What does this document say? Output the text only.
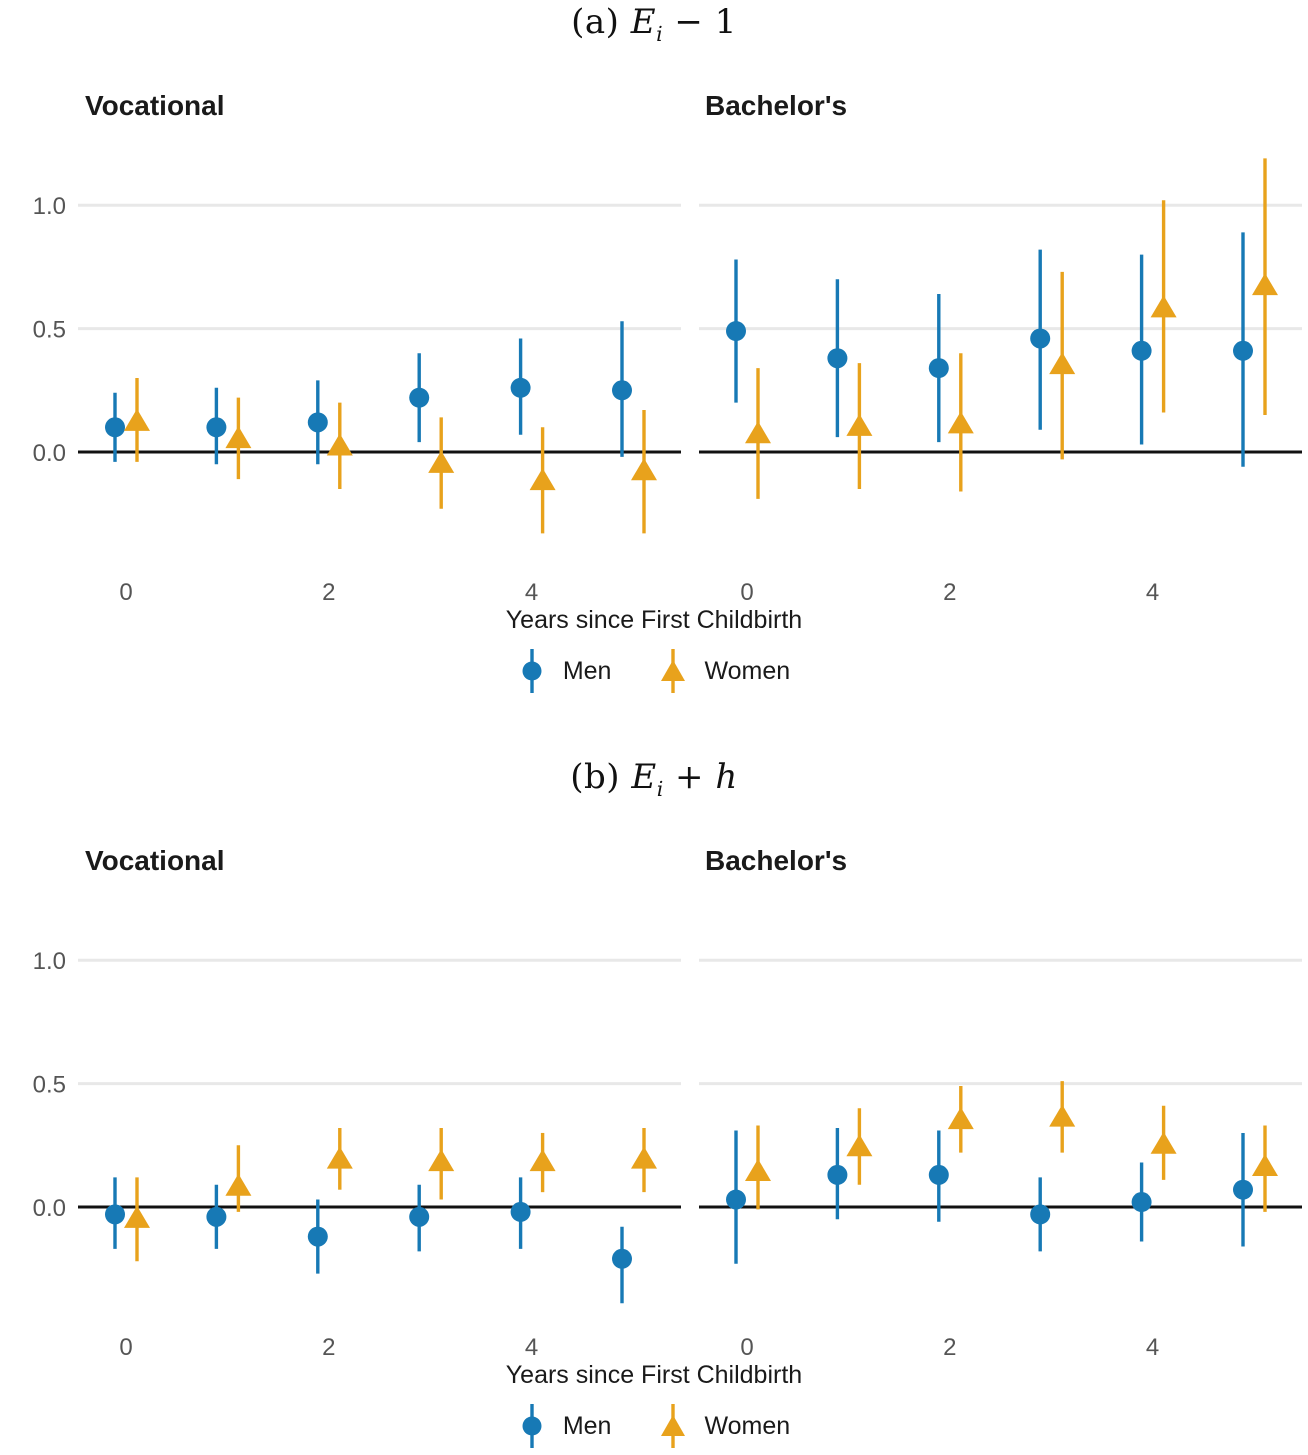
(a) $E_i - 1$
Vocational	Bachelor's
1.0
0.5
0.0
0	2	4	0	2	4
Years since First Childbirth
Men	Women
(b) $E_i + h$
Vocational	Bachelor's
1.0
0.5
0.0
0	2	4	0	2	4
Years since First Childbirth
Men	Women
